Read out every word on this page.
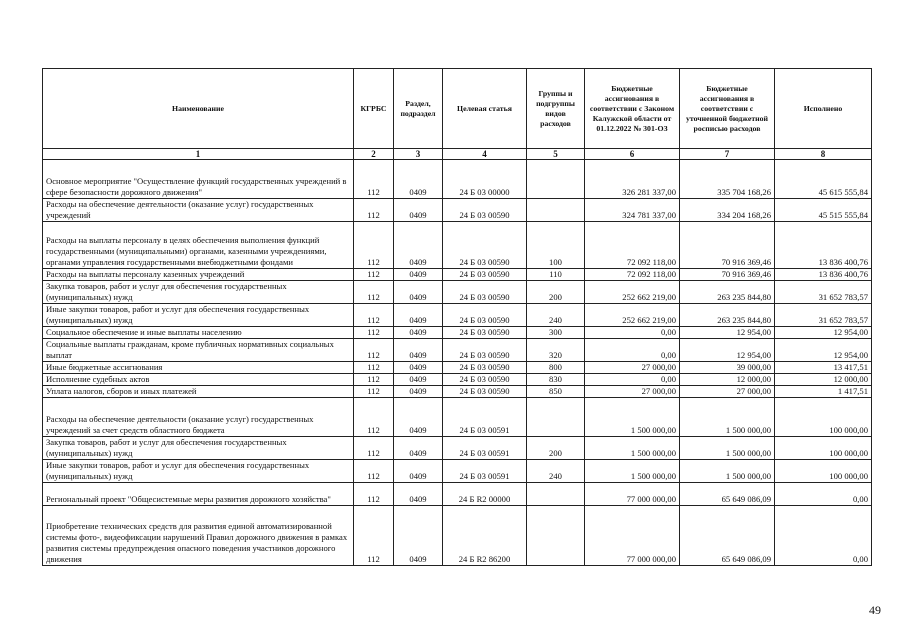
Наименование	КГРБС	Раздел, подраздел	Целевая статья	Группы и подгруппы видов расходов	Бюджетные ассигнования в соответствии с Законом Калужской области от 01.12.2022 № 301-ОЗ	Бюджетные ассигнования в соответствии с уточненной бюджетной росписью расходов	Исполнено
1	2	3	4	5	6	7	8
Основное мероприятие "Осуществление функций государственных учреждений в сфере безопасности дорожного движения"	112	0409	24 Б 03 00000		326 281 337,00	335 704 168,26	45 615 555,84
Расходы на обеспечение деятельности (оказание услуг) государственных учреждений	112	0409	24 Б 03 00590		324 781 337,00	334 204 168,26	45 515 555,84
Расходы на выплаты персоналу в целях обеспечения выполнения функций государственными (муниципальными) органами, казенными учреждениями, органами управления государственными внебюджетными фондами	112	0409	24 Б 03 00590	100	72 092 118,00	70 916 369,46	13 836 400,76
Расходы на выплаты персоналу казенных учреждений	112	0409	24 Б 03 00590	110	72 092 118,00	70 916 369,46	13 836 400,76
Закупка товаров, работ и услуг для обеспечения государственных (муниципальных) нужд	112	0409	24 Б 03 00590	200	252 662 219,00	263 235 844,80	31 652 783,57
Иные закупки товаров, работ и услуг для обеспечения государственных (муниципальных) нужд	112	0409	24 Б 03 00590	240	252 662 219,00	263 235 844,80	31 652 783,57
Социальное обеспечение и иные выплаты населению	112	0409	24 Б 03 00590	300	0,00	12 954,00	12 954,00
Социальные выплаты гражданам, кроме публичных нормативных социальных выплат	112	0409	24 Б 03 00590	320	0,00	12 954,00	12 954,00
Иные бюджетные ассигнования	112	0409	24 Б 03 00590	800	27 000,00	39 000,00	13 417,51
Исполнение судебных актов	112	0409	24 Б 03 00590	830	0,00	12 000,00	12 000,00
Уплата налогов, сборов и иных платежей	112	0409	24 Б 03 00590	850	27 000,00	27 000,00	1 417,51
Расходы на обеспечение деятельности (оказание услуг) государственных учреждений за счет средств областного бюджета	112	0409	24 Б 03 00591		1 500 000,00	1 500 000,00	100 000,00
Закупка товаров, работ и услуг для обеспечения государственных (муниципальных) нужд	112	0409	24 Б 03 00591	200	1 500 000,00	1 500 000,00	100 000,00
Иные закупки товаров, работ и услуг для обеспечения государственных (муниципальных) нужд	112	0409	24 Б 03 00591	240	1 500 000,00	1 500 000,00	100 000,00
Региональный проект "Общесистемные меры развития дорожного хозяйства"	112	0409	24 Б R2 00000		77 000 000,00	65 649 086,09	0,00
Приобретение технических средств для развития единой автоматизированной системы фото-, видеофиксации нарушений Правил дорожного движения в рамках развития системы предупреждения опасного поведения участников дорожного движения	112	0409	24 Б R2 86200		77 000 000,00	65 649 086,09	0,00
49
